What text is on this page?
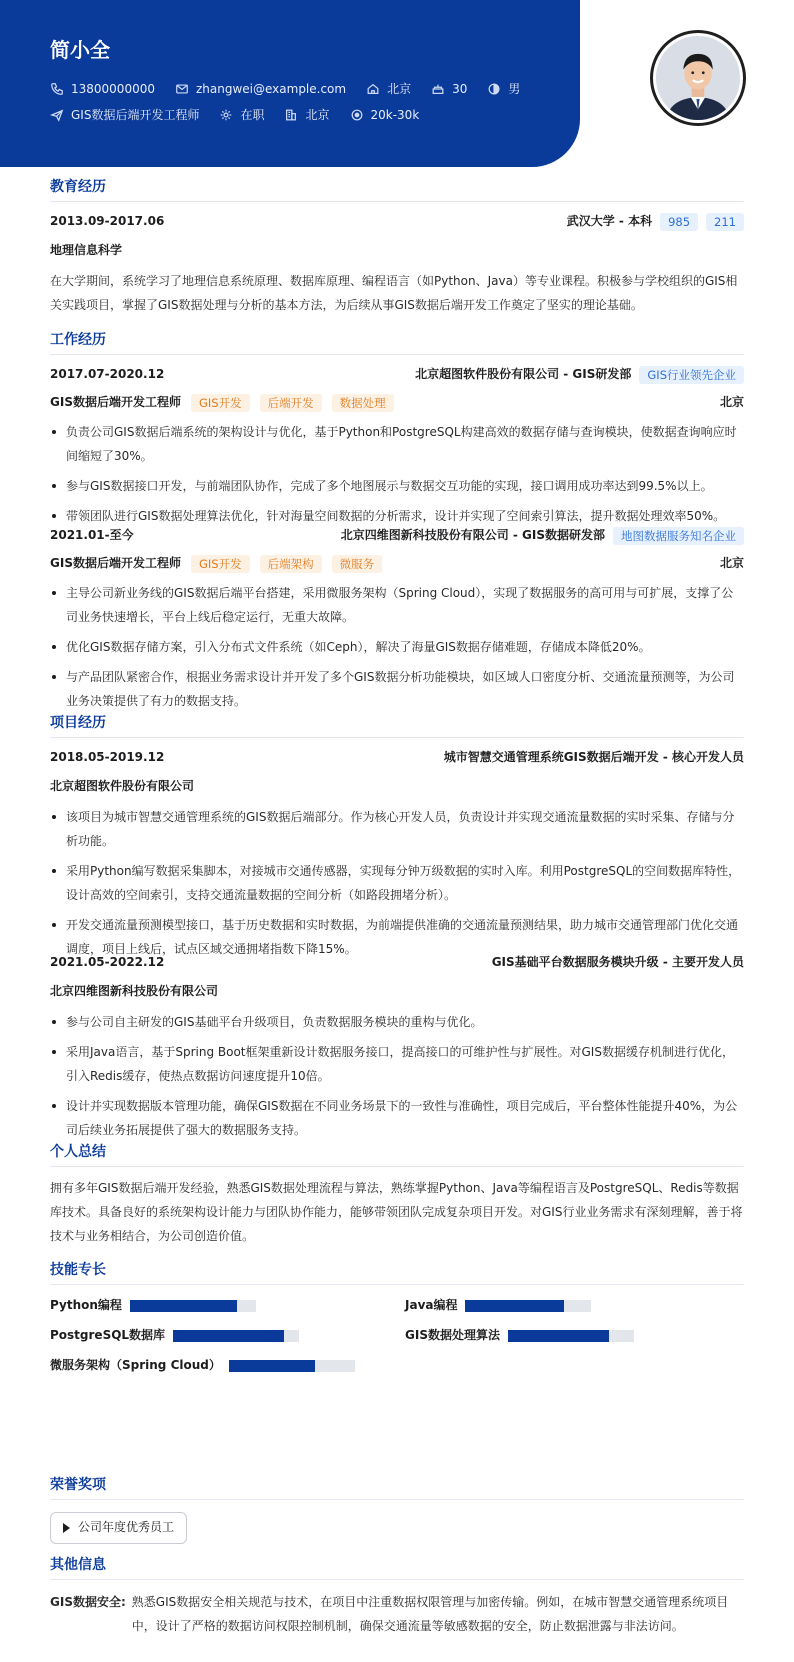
简小全
13800000000	zhangwei@example.com	北京	30	男
GIS数据后端开发工程师	在职	北京	20k-30k
教育经历
2013.09-2017.06	武汉大学 - 本科	985	211
地理信息科学
在大学期间，系统学习了地理信息系统原理、数据库原理、编程语言（如Python、Java）等专业课程。积极参与学校组织的GIS相关实践项目，掌握了GIS数据处理与分析的基本方法，为后续从事GIS数据后端开发工作奠定了坚实的理论基础。
工作经历
2017.07-2020.12	北京超图软件股份有限公司 - GIS研发部	GIS行业领先企业
GIS数据后端开发工程师	GIS开发	后端开发	数据处理	北京
负责公司GIS数据后端系统的架构设计与优化，基于Python和PostgreSQL构建高效的数据存储与查询模块，使数据查询响应时间缩短了30%。
参与GIS数据接口开发，与前端团队协作，完成了多个地图展示与数据交互功能的实现，接口调用成功率达到99.5%以上。
带领团队进行GIS数据处理算法优化，针对海量空间数据的分析需求，设计并实现了空间索引算法，提升数据处理效率50%。
2021.01-至今	北京四维图新科技股份有限公司 - GIS数据研发部	地图数据服务知名企业
GIS数据后端开发工程师	GIS开发	后端架构	微服务	北京
主导公司新业务线的GIS数据后端平台搭建，采用微服务架构（Spring Cloud），实现了数据服务的高可用与可扩展，支撑了公司业务快速增长，平台上线后稳定运行，无重大故障。
优化GIS数据存储方案，引入分布式文件系统（如Ceph），解决了海量GIS数据存储难题，存储成本降低20%。
与产品团队紧密合作，根据业务需求设计并开发了多个GIS数据分析功能模块，如区域人口密度分析、交通流量预测等，为公司业务决策提供了有力的数据支持。
项目经历
2018.05-2019.12	城市智慧交通管理系统GIS数据后端开发 - 核心开发人员
北京超图软件股份有限公司
该项目为城市智慧交通管理系统的GIS数据后端部分。作为核心开发人员，负责设计并实现交通流量数据的实时采集、存储与分析功能。
采用Python编写数据采集脚本，对接城市交通传感器，实现每分钟万级数据的实时入库。利用PostgreSQL的空间数据库特性，设计高效的空间索引，支持交通流量数据的空间分析（如路段拥堵分析）。
开发交通流量预测模型接口，基于历史数据和实时数据，为前端提供准确的交通流量预测结果，助力城市交通管理部门优化交通调度，项目上线后，试点区域交通拥堵指数下降15%。
2021.05-2022.12	GIS基础平台数据服务模块升级 - 主要开发人员
北京四维图新科技股份有限公司
参与公司自主研发的GIS基础平台升级项目，负责数据服务模块的重构与优化。
采用Java语言，基于Spring Boot框架重新设计数据服务接口，提高接口的可维护性与扩展性。对GIS数据缓存机制进行优化，引入Redis缓存，使热点数据访问速度提升10倍。
设计并实现数据版本管理功能，确保GIS数据在不同业务场景下的一致性与准确性，项目完成后，平台整体性能提升40%，为公司后续业务拓展提供了强大的数据服务支持。
个人总结
拥有多年GIS数据后端开发经验，熟悉GIS数据处理流程与算法，熟练掌握Python、Java等编程语言及PostgreSQL、Redis等数据库技术。具备良好的系统架构设计能力与团队协作能力，能够带领团队完成复杂项目开发。对GIS行业业务需求有深刻理解，善于将技术与业务相结合，为公司创造价值。
技能专长
Python编程	Java编程
PostgreSQL数据库	GIS数据处理算法
微服务架构（Spring Cloud）
荣誉奖项
公司年度优秀员工
其他信息
GIS数据安全: 熟悉GIS数据安全相关规范与技术，在项目中注重数据权限管理与加密传输。例如，在城市智慧交通管理系统项目中，设计了严格的数据访问权限控制机制，确保交通流量等敏感数据的安全，防止数据泄露与非法访问。
